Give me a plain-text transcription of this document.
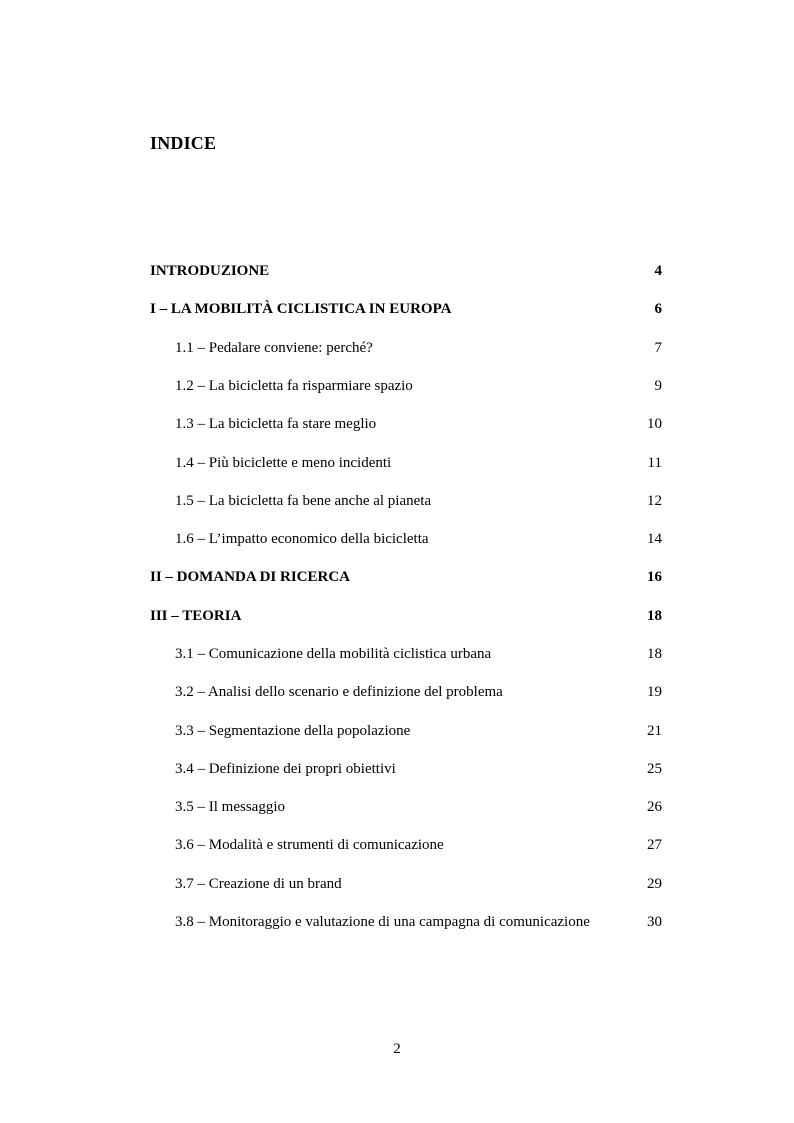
INDICE
INTRODUZIONE	4
I – LA MOBILITÀ CICLISTICA IN EUROPA	6
1.1 – Pedalare conviene: perché?	7
1.2 – La bicicletta fa risparmiare spazio	9
1.3 – La bicicletta fa stare meglio	10
1.4 – Più biciclette e meno incidenti	11
1.5 – La bicicletta fa bene anche al pianeta	12
1.6 – L’impatto economico della bicicletta	14
II – DOMANDA DI RICERCA	16
III – TEORIA	18
3.1 – Comunicazione della mobilità ciclistica urbana	18
3.2 – Analisi dello scenario e definizione del problema	19
3.3 – Segmentazione della popolazione	21
3.4 – Definizione dei propri obiettivi	25
3.5 – Il messaggio	26
3.6 – Modalità e strumenti di comunicazione	27
3.7 – Creazione di un brand	29
3.8 – Monitoraggio e valutazione di una campagna di comunicazione	30
2
